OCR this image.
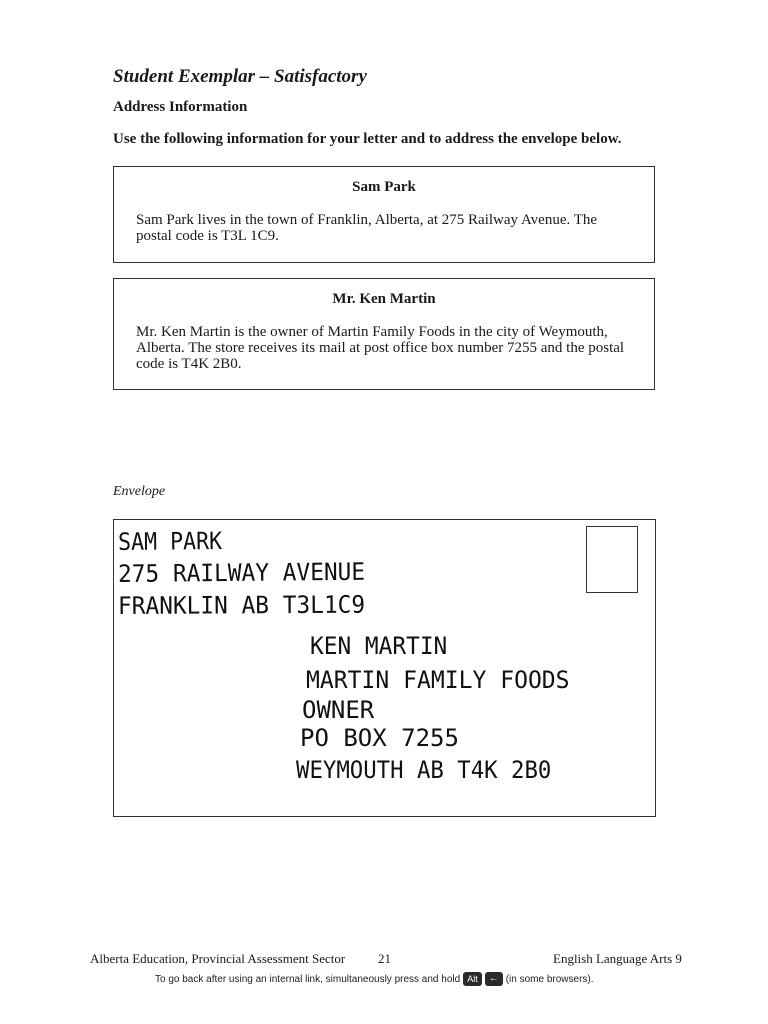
Student Exemplar – Satisfactory
Address Information
Use the following information for your letter and to address the envelope below.
Sam Park
Sam Park lives in the town of Franklin, Alberta, at 275 Railway Avenue. The postal code is T3L 1C9.
Mr. Ken Martin
Mr. Ken Martin is the owner of Martin Family Foods in the city of Weymouth, Alberta. The store receives its mail at post office box number 7255 and the postal code is T4K 2B0.
Envelope
SAM PARK
275 RAILWAY AVENUE
FRANKLIN AB T3L1C9
KEN MARTIN
MARTIN FAMILY FOODS
OWNER
PO BOX 7255
WEYMOUTH AB T4K 2B0
Alberta Education, Provincial Assessment Sector	21	English Language Arts 9
To go back after using an internal link, simultaneously press and hold Alt	← (in some browsers).
